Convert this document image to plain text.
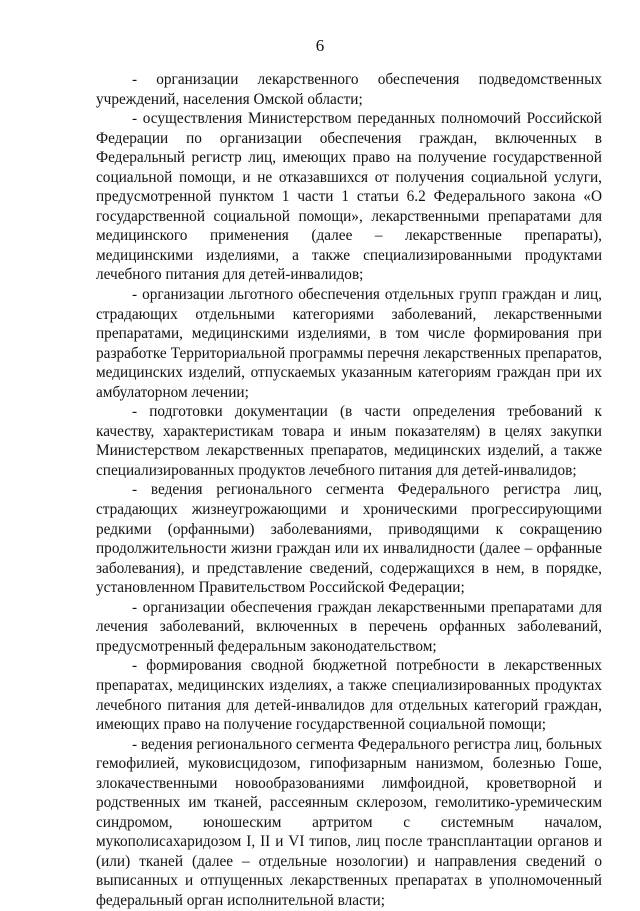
6

- организации лекарственного обеспечения подведомственных учреждений, населения Омской области;

- осуществления Министерством переданных полномочий Российской Федерации по организации обеспечения граждан, включенных в Федеральный регистр лиц, имеющих право на получение государственной социальной помощи, и не отказавшихся от получения социальной услуги, предусмотренной пунктом 1 части 1 статьи 6.2 Федерального закона «О государственной социальной помощи», лекарственными препаратами для медицинского применения (далее – лекарственные препараты), медицинскими изделиями, а также специализированными продуктами лечебного питания для детей-инвалидов;

- организации льготного обеспечения отдельных групп граждан и лиц, страдающих отдельными категориями заболеваний, лекарственными препаратами, медицинскими изделиями, в том числе формирования при разработке Территориальной программы перечня лекарственных препаратов, медицинских изделий, отпускаемых указанным категориям граждан при их амбулаторном лечении;

- подготовки документации (в части определения требований к качеству, характеристикам товара и иным показателям) в целях закупки Министерством лекарственных препаратов, медицинских изделий, а также специализированных продуктов лечебного питания для детей-инвалидов;

- ведения регионального сегмента Федерального регистра лиц, страдающих жизнеугрожающими и хроническими прогрессирующими редкими (орфанными) заболеваниями, приводящими к сокращению продолжительности жизни граждан или их инвалидности (далее – орфанные заболевания), и представление сведений, содержащихся в нем, в порядке, установленном Правительством Российской Федерации;

- организации обеспечения граждан лекарственными препаратами для лечения заболеваний, включенных в перечень орфанных заболеваний, предусмотренный федеральным законодательством;

- формирования сводной бюджетной потребности в лекарственных препаратах, медицинских изделиях, а также специализированных продуктах лечебного питания для детей-инвалидов для отдельных категорий граждан, имеющих право на получение государственной социальной помощи;

- ведения регионального сегмента Федерального регистра лиц, больных гемофилией, муковисцидозом, гипофизарным нанизмом, болезнью Гоше, злокачественными новообразованиями лимфоидной, кроветворной и родственных им тканей, рассеянным склерозом, гемолитико-уремическим синдромом, юношеским артритом с системным началом, мукополисахаридозом I, II и VI типов, лиц после трансплантации органов и (или) тканей (далее – отдельные нозологии) и направления сведений о выписанных и отпущенных лекарственных препаратах в уполномоченный федеральный орган исполнительной власти;
